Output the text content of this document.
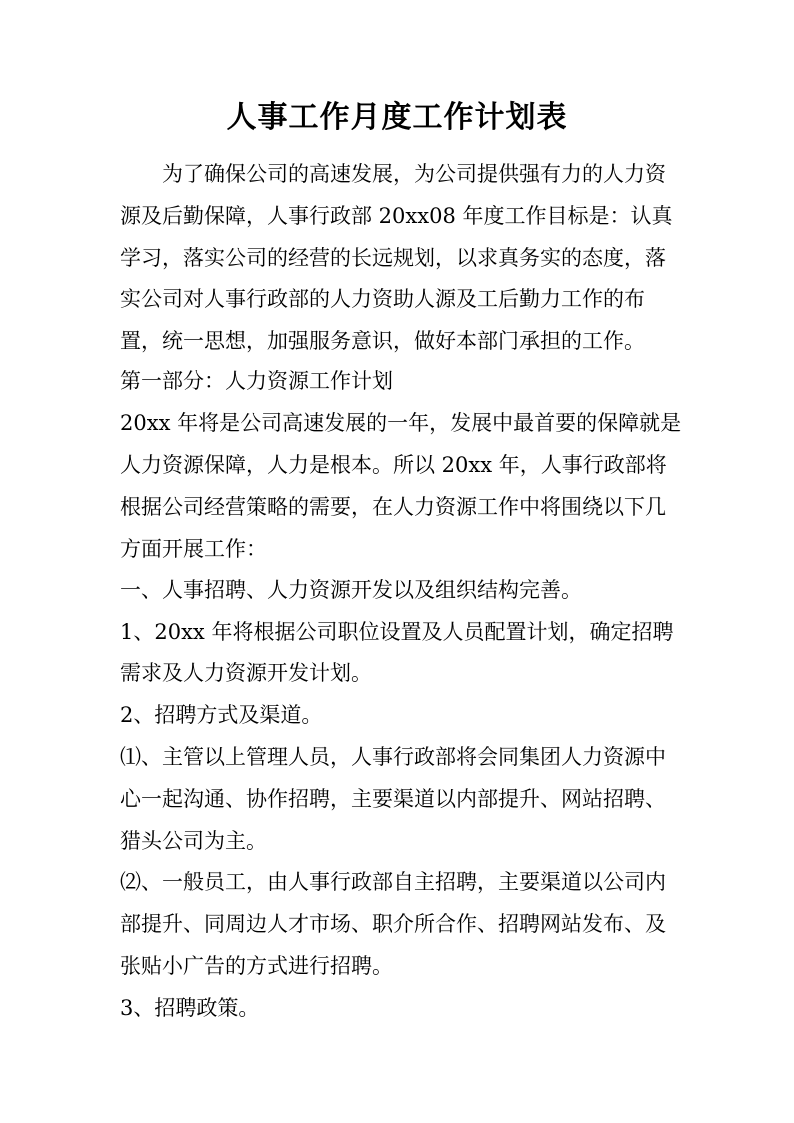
人事工作月度工作计划表
为了确保公司的高速发展，为公司提供强有力的人力资
源及后勤保障，人事行政部 20xx08 年度工作目标是：认真
学习，落实公司的经营的长远规划，以求真务实的态度，落
实公司对人事行政部的人力资助人源及工后勤力工作的布
置，统一思想，加强服务意识，做好本部门承担的工作。
第一部分：人力资源工作计划
20xx 年将是公司高速发展的一年，发展中最首要的保障就是
人力资源保障，人力是根本。所以 20xx 年，人事行政部将
根据公司经营策略的需要，在人力资源工作中将围绕以下几
方面开展工作：
一、人事招聘、人力资源开发以及组织结构完善。
1、20xx 年将根据公司职位设置及人员配置计划，确定招聘
需求及人力资源开发计划。
2、招聘方式及渠道。
⑴、主管以上管理人员，人事行政部将会同集团人力资源中
心一起沟通、协作招聘，主要渠道以内部提升、网站招聘、
猎头公司为主。
⑵、一般员工，由人事行政部自主招聘，主要渠道以公司内
部提升、同周边人才市场、职介所合作、招聘网站发布、及
张贴小广告的方式进行招聘。
3、招聘政策。
